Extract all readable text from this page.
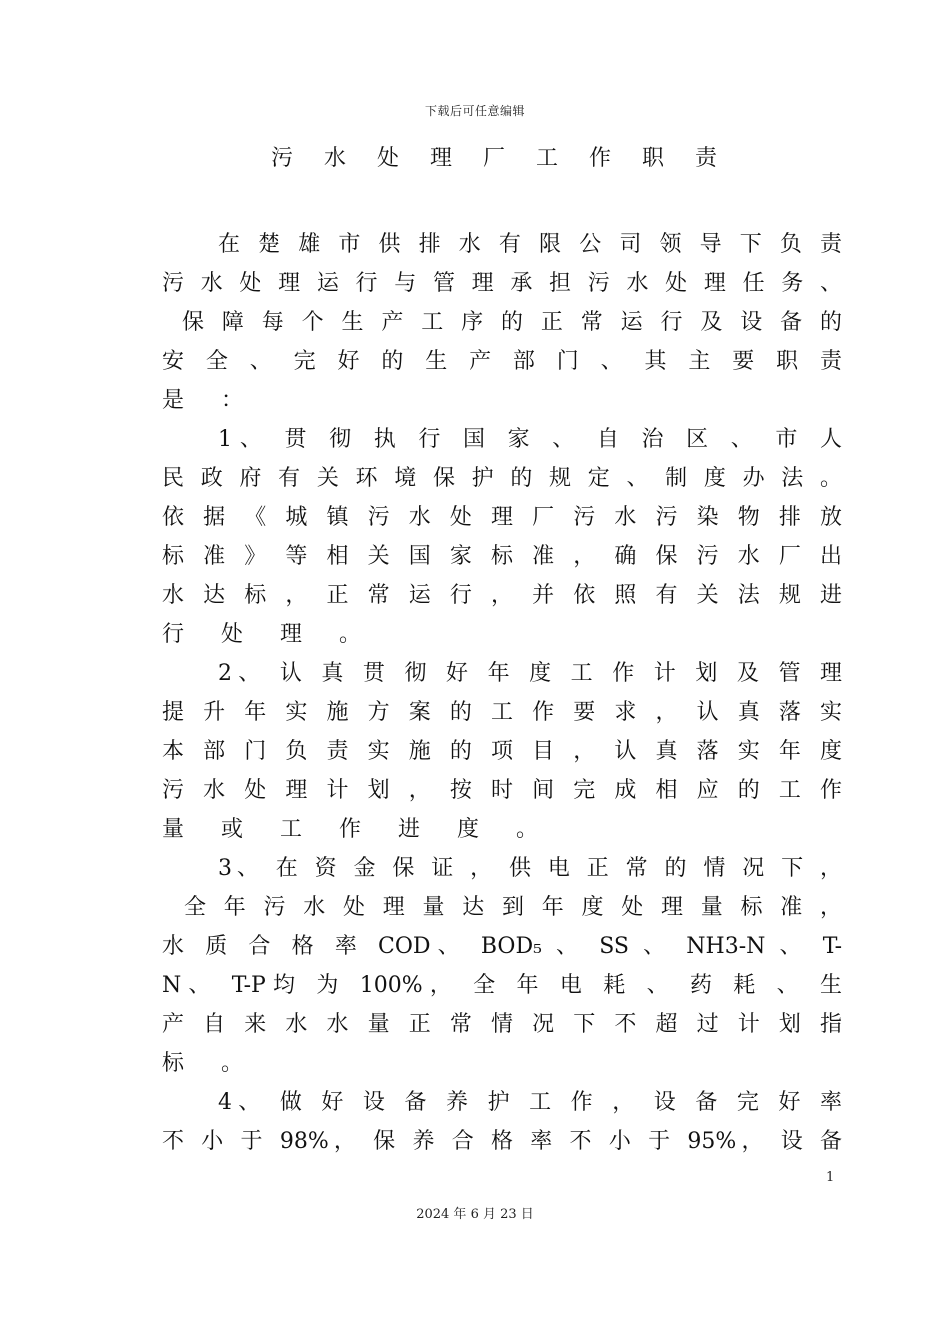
下载后可任意编辑
污 水 处 理 厂 工 作 职 责
在 楚 雄 市 供 排 水 有 限 公 司 领 导 下 负 责
污 水 处 理 运 行 与 管 理 承 担 污 水 处 理 任 务 、
保 障 每 个 生 产 工 序 的 正 常 运 行 及 设 备 的
安 全 、 完 好 的 生 产 部 门 、 其 主 要 职 责
是 ：
1、 贯 彻 执 行 国 家 、 自 治 区 、 市 人
民 政 府 有 关 环 境 保 护 的 规 定 、 制 度 办 法 。
依 据 《 城 镇 污 水 处 理 厂 污 水 污 染 物 排 放
标 准 》 等 相 关 国 家 标 准 ， 确 保 污 水 厂 出
水 达 标 ， 正 常 运 行 ， 并 依 照 有 关 法 规 进
行 处 理 。
2、 认 真 贯 彻 好 年 度 工 作 计 划 及 管 理
提 升 年 实 施 方 案 的 工 作 要 求 ， 认 真 落 实
本 部 门 负 责 实 施 的 项 目 ， 认 真 落 实 年 度
污 水 处 理 计 划 ， 按 时 间 完 成 相 应 的 工 作
量 或 工 作 进 度 。
3、 在 资 金 保 证 ， 供 电 正 常 的 情 况 下 ，
全 年 污 水 处 理 量 达 到 年 度 处 理 量 标 准 ，
水 质 合 格 率 COD、 BOD₅ 、 SS 、 NH3-N 、 T-
N、 T-P均 为 100%， 全 年 电 耗 、 药 耗 、 生
产 自 来 水 水 量 正 常 情 况 下 不 超 过 计 划 指
标 。
4、 做 好 设 备 养 护 工 作 ， 设 备 完 好 率
不 小 于 98%， 保 养 合 格 率 不 小 于 95%， 设 备
1
2024 年 6 月 23 日
